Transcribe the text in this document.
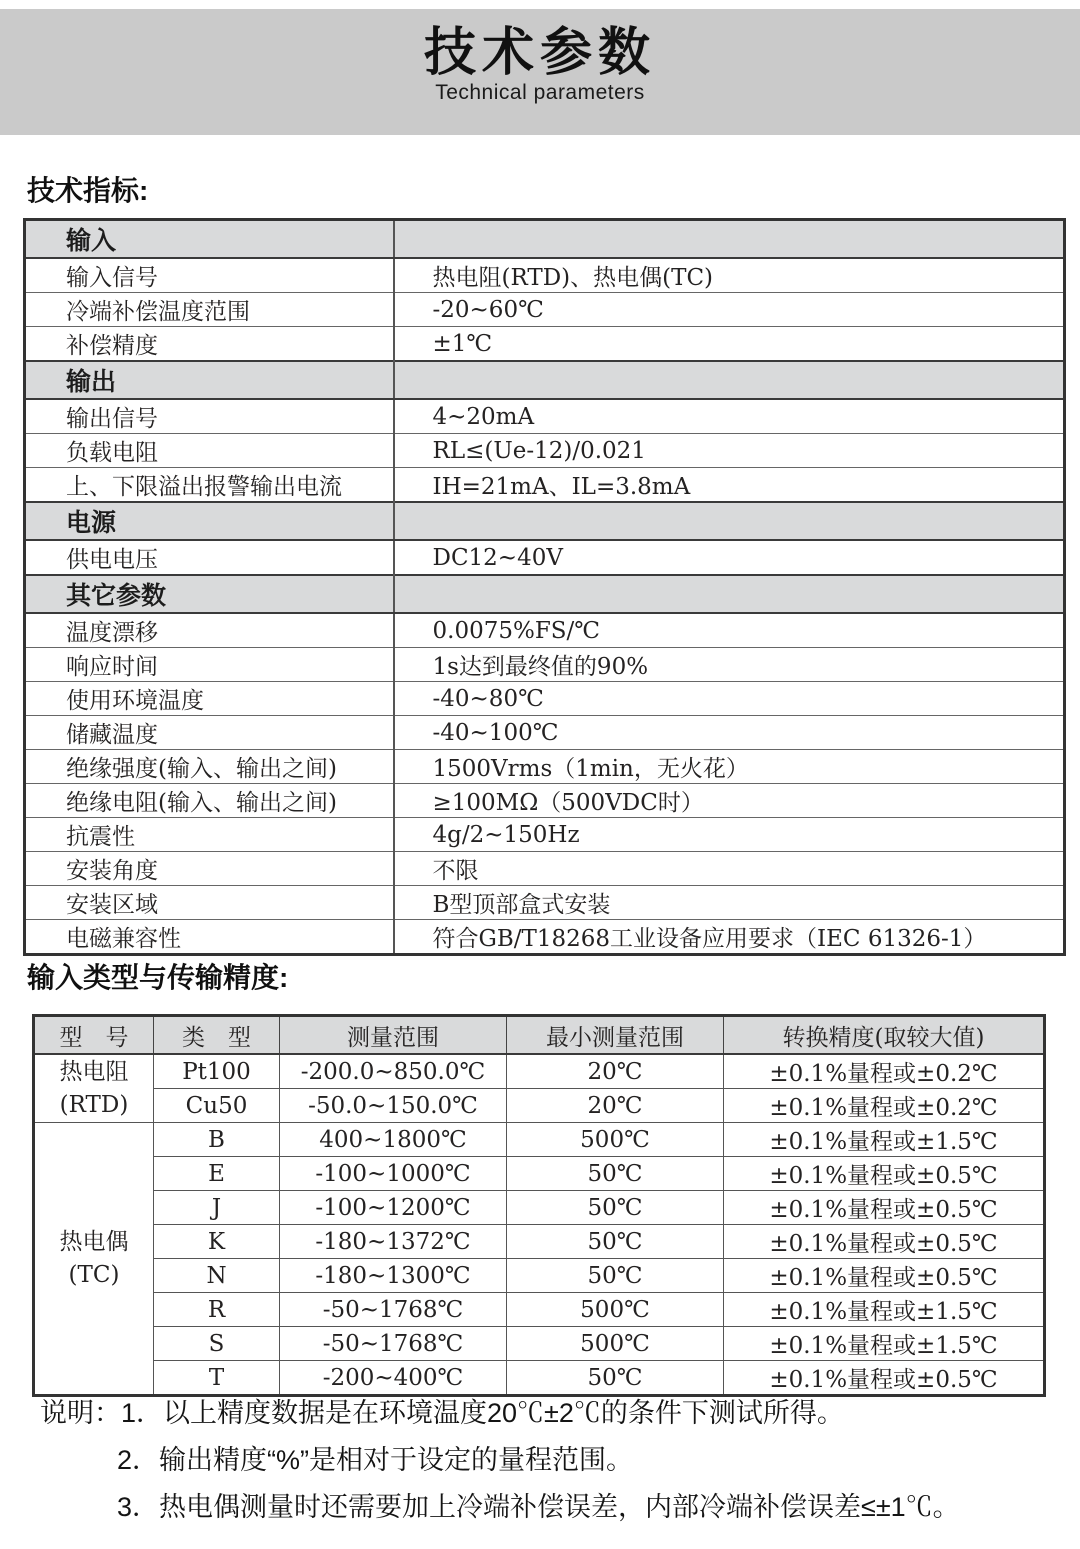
技术参数
Technical parameters
技术指标:
输入	
输入信号	热电阻(RTD)、热电偶(TC)
冷端补偿温度范围	-20~60℃
补偿精度	±1℃
输出	
输出信号	4~20mA
负载电阻	RL≤(Ue-12)/0.021
上、下限溢出报警输出电流	IH=21mA、IL=3.8mA
电源	
供电电压	DC12~40V
其它参数	
温度漂移	0.0075%FS/℃
响应时间	1s达到最终值的90%
使用环境温度	-40~80℃
储藏温度	-40~100℃
绝缘强度(输入、输出之间)	1500Vrms（1min，无火花）
绝缘电阻(输入、输出之间)	≥100MΩ（500VDC时）
抗震性	4g/2~150Hz
安装角度	不限
安装区域	B型顶部盒式安装
电磁兼容性	符合GB/T18268工业设备应用要求（IEC 61326-1）
输入类型与传输精度:
型　号	类　型	测量范围	最小测量范围	转换精度(取较大值)

热电阻
(RTD)	Pt100	-200.0~850.0℃	20℃	±0.1%量程或±0.2℃
	Cu50	-50.0~150.0℃	20℃	±0.1%量程或±0.2℃

热电偶
(TC)	B	400~1800℃	500℃	±0.1%量程或±1.5℃
	E	-100~1000℃	50℃	±0.1%量程或±0.5℃
	J	-100~1200℃	50℃	±0.1%量程或±0.5℃
	K	-180~1372℃	50℃	±0.1%量程或±0.5℃
	N	-180~1300℃	50℃	±0.1%量程或±0.5℃
	R	-50~1768℃	500℃	±0.1%量程或±1.5℃
	S	-50~1768℃	500℃	±0.1%量程或±1.5℃
	T	-200~400℃	50℃	±0.1%量程或±0.5℃

说明：1．以上精度数据是在环境温度20℃±2℃的条件下测试所得。

2．输出精度“%”是相对于设定的量程范围。

3．热电偶测量时还需要加上冷端补偿误差，内部冷端补偿误差≤±1℃。
